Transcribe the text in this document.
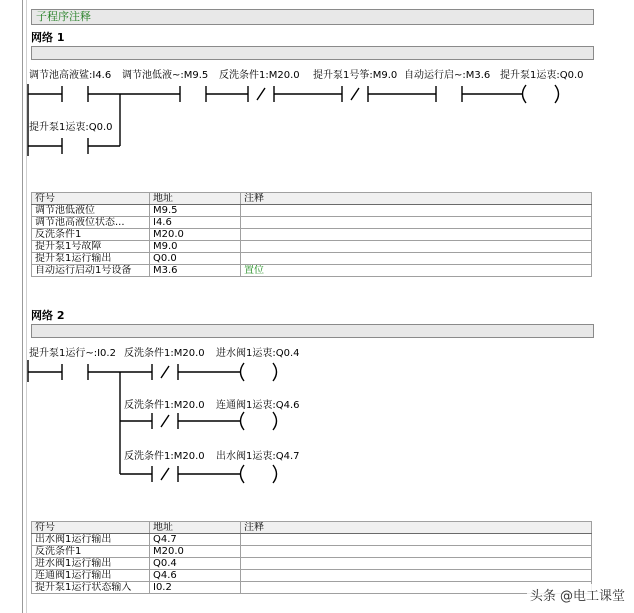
子程序注释
网络 1
调节池高液鲨:I4.6 调节池低液~:M9.5 反洗条件1:M20.0 提升泵1号筝:M9.0 自动运行启~:M3.6 提升泵1运衷:Q0.0
提升泵1运衷:Q0.0
符号	地址	注释
调节池低液位	M9.5	
调节池高液位状态...	I4.6	
反洗条件1	M20.0	
提升泵1号故障	M9.0	
提升泵1运行输出	Q0.0	
自动运行启动1号设备	M3.6	置位
网络 2
提升泵1运行~:I0.2 反洗条件1:M20.0 进水阀1运衷:Q0.4
反洗条件1:M20.0 连通阀1运衷:Q4.6
反洗条件1:M20.0 出水阀1运衷:Q4.7
符号	地址	注释
出水阀1运行输出	Q4.7	
反洗条件1	M20.0	
进水阀1运行输出	Q0.4	
连通阀1运行输出	Q4.6	
提升泵1运行状态输入	I0.2	
头条 @电工课堂
